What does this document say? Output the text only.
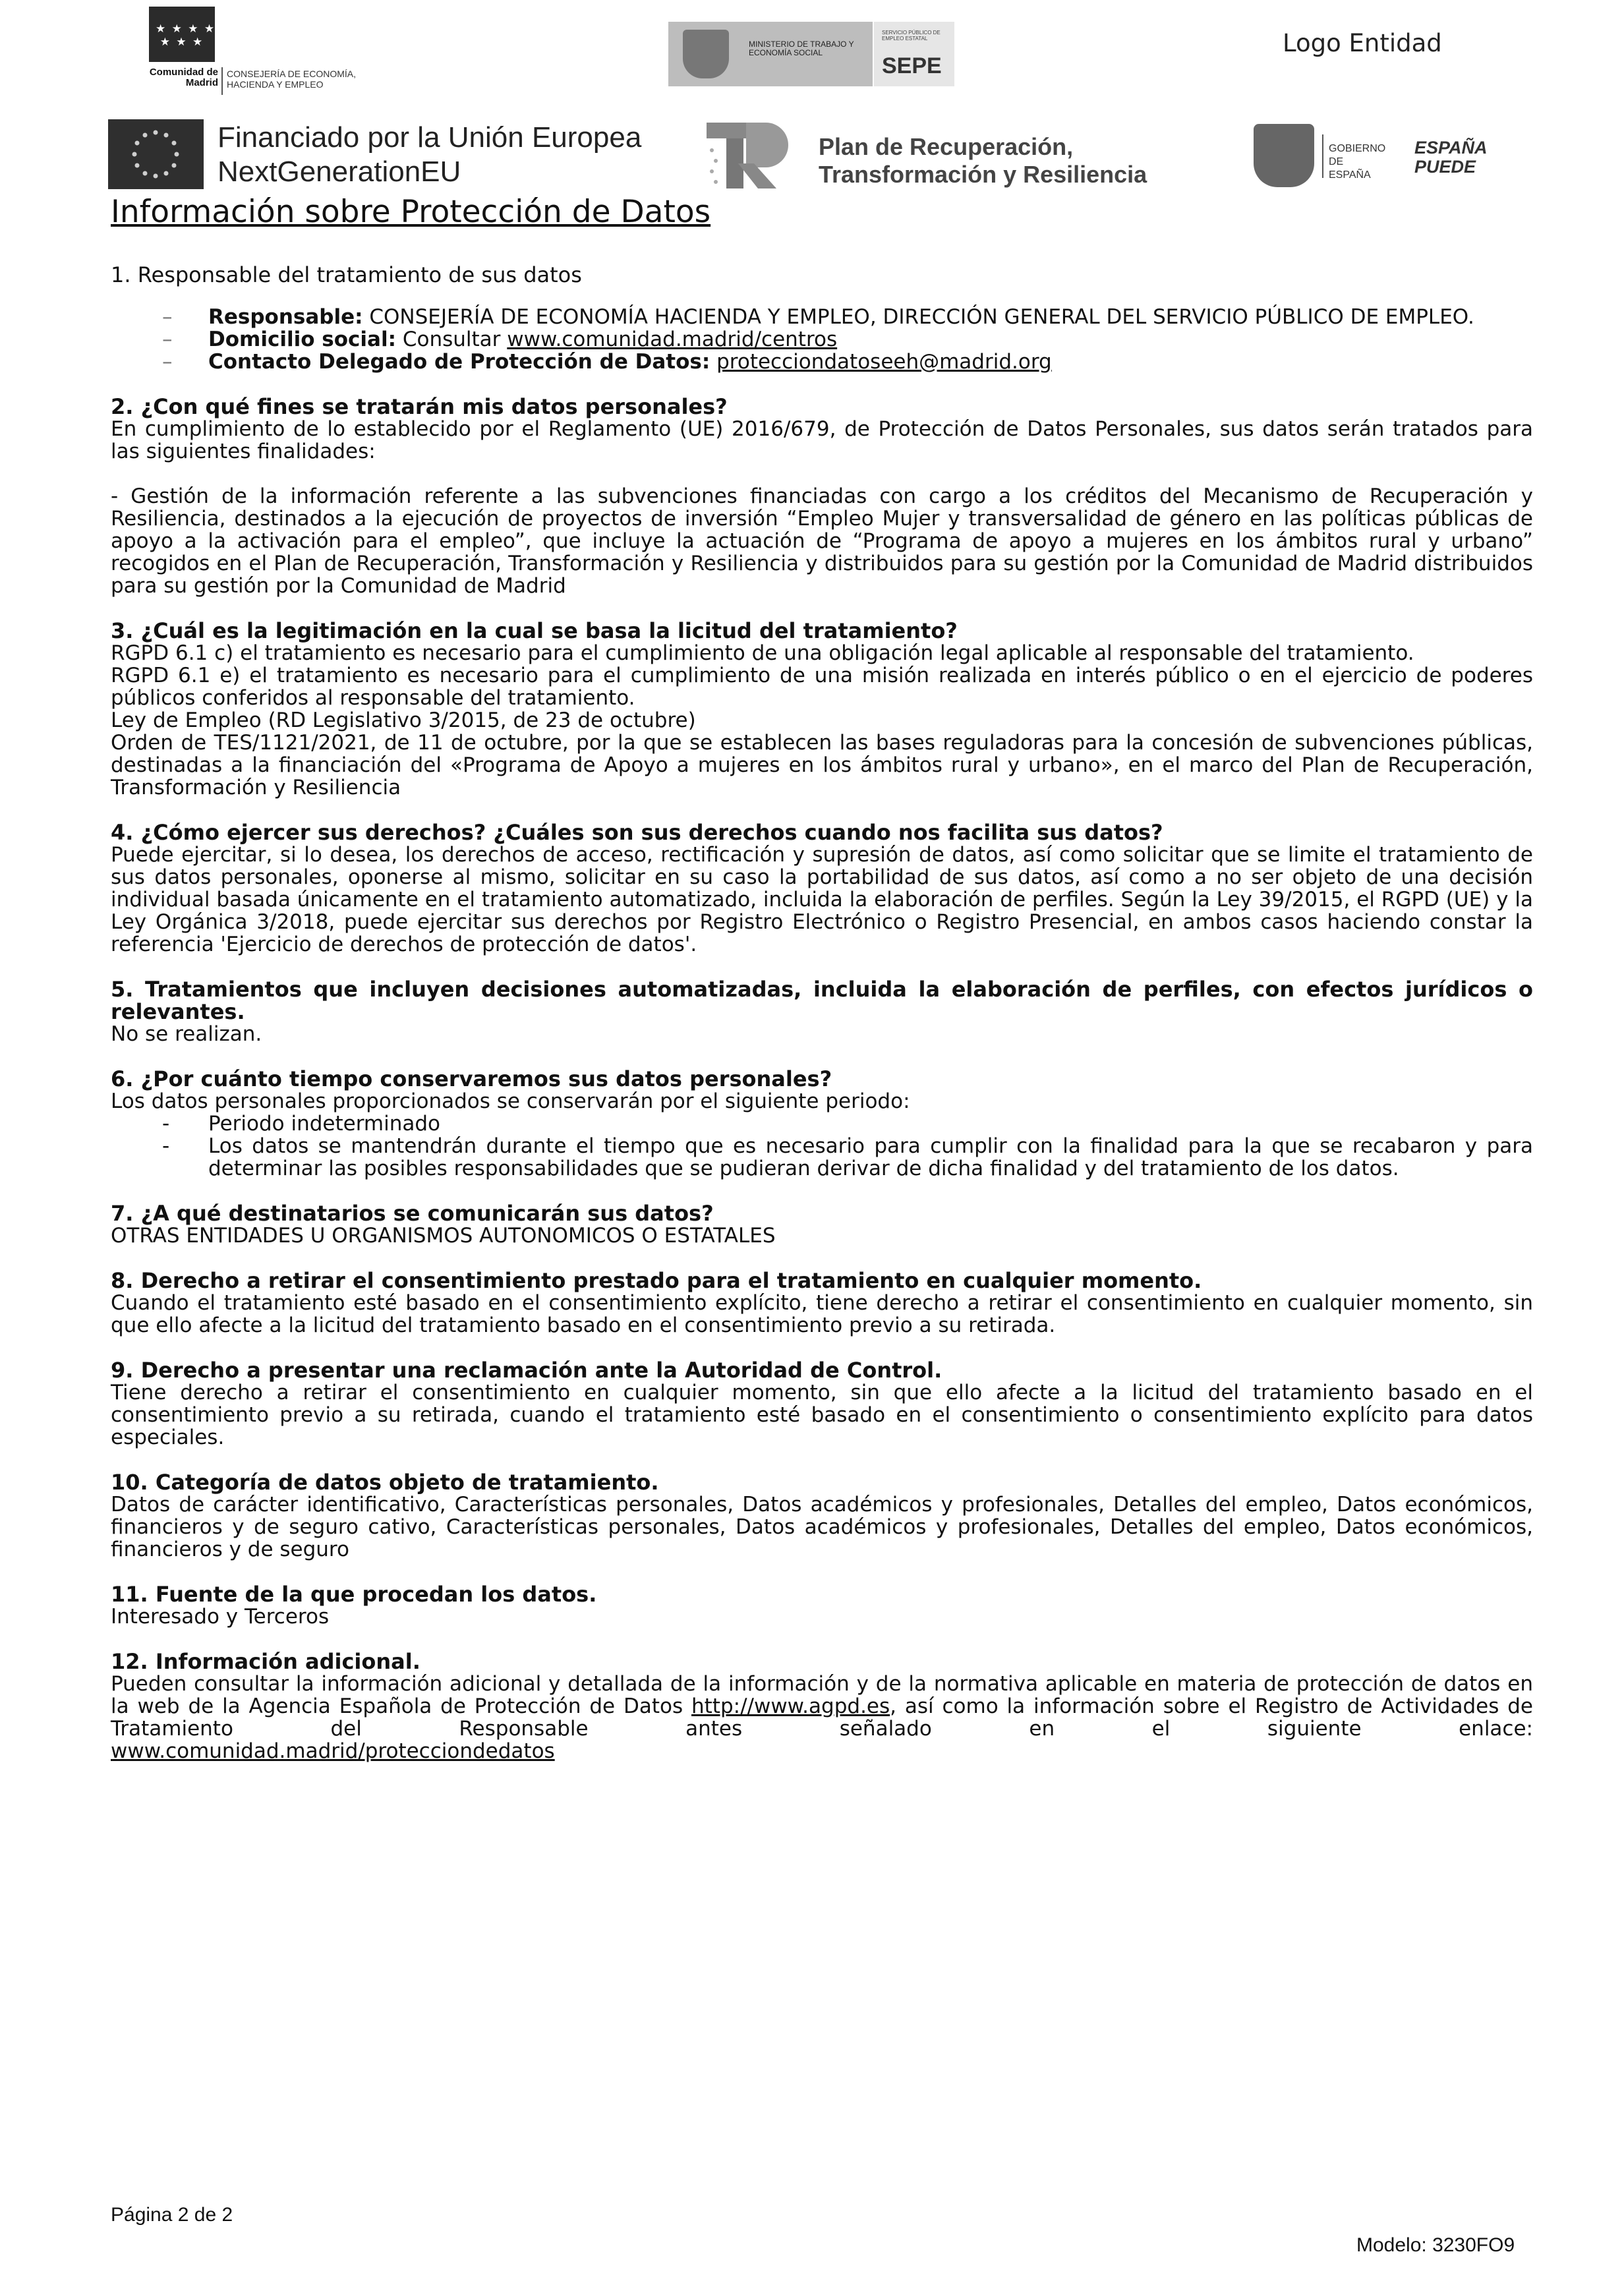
★ ★ ★ ★
★ ★ ★
Comunidad de Madrid
CONSEJERÍA DE ECONOMÍA, HACIENDA Y EMPLEO
MINISTERIO DE TRABAJO Y ECONOMÍA SOCIAL
SERVICIO PÚBLICO DE EMPLEO ESTATAL
SEPE
Logo Entidad
Financiado por la Unión Europea
NextGenerationEU
Plan de Recuperación,
Transformación y Resiliencia
GOBIERNO
DE ESPAÑA
ESPAÑA
PUEDE
Información sobre Protección de Datos
1. Responsable del tratamiento de sus datos
– Responsable: CONSEJERÍA DE ECONOMÍA HACIENDA Y EMPLEO, DIRECCIÓN GENERAL DEL SERVICIO PÚBLICO DE EMPLEO.
– Domicilio social: Consultar www.comunidad.madrid/centros
– Contacto Delegado de Protección de Datos: protecciondatoseeh@madrid.org
2. ¿Con qué fines se tratarán mis datos personales?

En cumplimiento de lo establecido por el Reglamento (UE) 2016/679, de Protección de Datos Personales, sus datos serán tratados para las siguientes finalidades:

- Gestión de la información referente a las subvenciones financiadas con cargo a los créditos del Mecanismo de Recuperación y Resiliencia, destinados a la ejecución de proyectos de inversión “Empleo Mujer y transversalidad de género en las políticas públicas de apoyo a la activación para el empleo”, que incluye la actuación de “Programa de apoyo a mujeres en los ámbitos rural y urbano” recogidos en el Plan de Recuperación, Transformación y Resiliencia y distribuidos para su gestión por la Comunidad de Madrid distribuidos para su gestión por la Comunidad de Madrid

3. ¿Cuál es la legitimación en la cual se basa la licitud del tratamiento?

RGPD 6.1 c) el tratamiento es necesario para el cumplimiento de una obligación legal aplicable al responsable del tratamiento.

RGPD 6.1 e) el tratamiento es necesario para el cumplimiento de una misión realizada en interés público o en el ejercicio de poderes públicos conferidos al responsable del tratamiento.

Ley de Empleo (RD Legislativo 3/2015, de 23 de octubre)

Orden de TES/1121/2021, de 11 de octubre, por la que se establecen las bases reguladoras para la concesión de subvenciones públicas, destinadas a la financiación del «Programa de Apoyo a mujeres en los ámbitos rural y urbano», en el marco del Plan de Recuperación, Transformación y Resiliencia

4. ¿Cómo ejercer sus derechos? ¿Cuáles son sus derechos cuando nos facilita sus datos?

Puede ejercitar, si lo desea, los derechos de acceso, rectificación y supresión de datos, así como solicitar que se limite el tratamiento de sus datos personales, oponerse al mismo, solicitar en su caso la portabilidad de sus datos, así como a no ser objeto de una decisión individual basada únicamente en el tratamiento automatizado, incluida la elaboración de perfiles. Según la Ley 39/2015, el RGPD (UE) y la Ley Orgánica 3/2018, puede ejercitar sus derechos por Registro Electrónico o Registro Presencial, en ambos casos haciendo constar la referencia 'Ejercicio de derechos de protección de datos'.

5. Tratamientos que incluyen decisiones automatizadas, incluida la elaboración de perfiles, con efectos jurídicos o relevantes.

No se realizan.

6. ¿Por cuánto tiempo conservaremos sus datos personales?

Los datos personales proporcionados se conservarán por el siguiente periodo:

- Periodo indeterminado
- Los datos se mantendrán durante el tiempo que es necesario para cumplir con la finalidad para la que se recabaron y para determinar las posibles responsabilidades que se pudieran derivar de dicha finalidad y del tratamiento de los datos.
7. ¿A qué destinatarios se comunicarán sus datos?

OTRAS ENTIDADES U ORGANISMOS AUTONOMICOS O ESTATALES

8. Derecho a retirar el consentimiento prestado para el tratamiento en cualquier momento.

Cuando el tratamiento esté basado en el consentimiento explícito, tiene derecho a retirar el consentimiento en cualquier momento, sin que ello afecte a la licitud del tratamiento basado en el consentimiento previo a su retirada.

9. Derecho a presentar una reclamación ante la Autoridad de Control.

Tiene derecho a retirar el consentimiento en cualquier momento, sin que ello afecte a la licitud del tratamiento basado en el consentimiento previo a su retirada, cuando el tratamiento esté basado en el consentimiento o consentimiento explícito para datos especiales.

10. Categoría de datos objeto de tratamiento.

Datos de carácter identificativo, Características personales, Datos académicos y profesionales, Detalles del empleo, Datos económicos, financieros y de seguro cativo, Características personales, Datos académicos y profesionales, Detalles del empleo, Datos económicos, financieros y de seguro

11. Fuente de la que procedan los datos.

Interesado y Terceros

12. Información adicional.

Pueden consultar la información adicional y detallada de la información y de la normativa aplicable en materia de protección de datos en la web de la Agencia Española de Protección de Datos http://www.agpd.es, así como la información sobre el Registro de Actividades de Tratamiento del Responsable antes señalado en el siguiente enlace:

www.comunidad.madrid/protecciondedatos

Página 2 de 2
Modelo: 3230FO9
